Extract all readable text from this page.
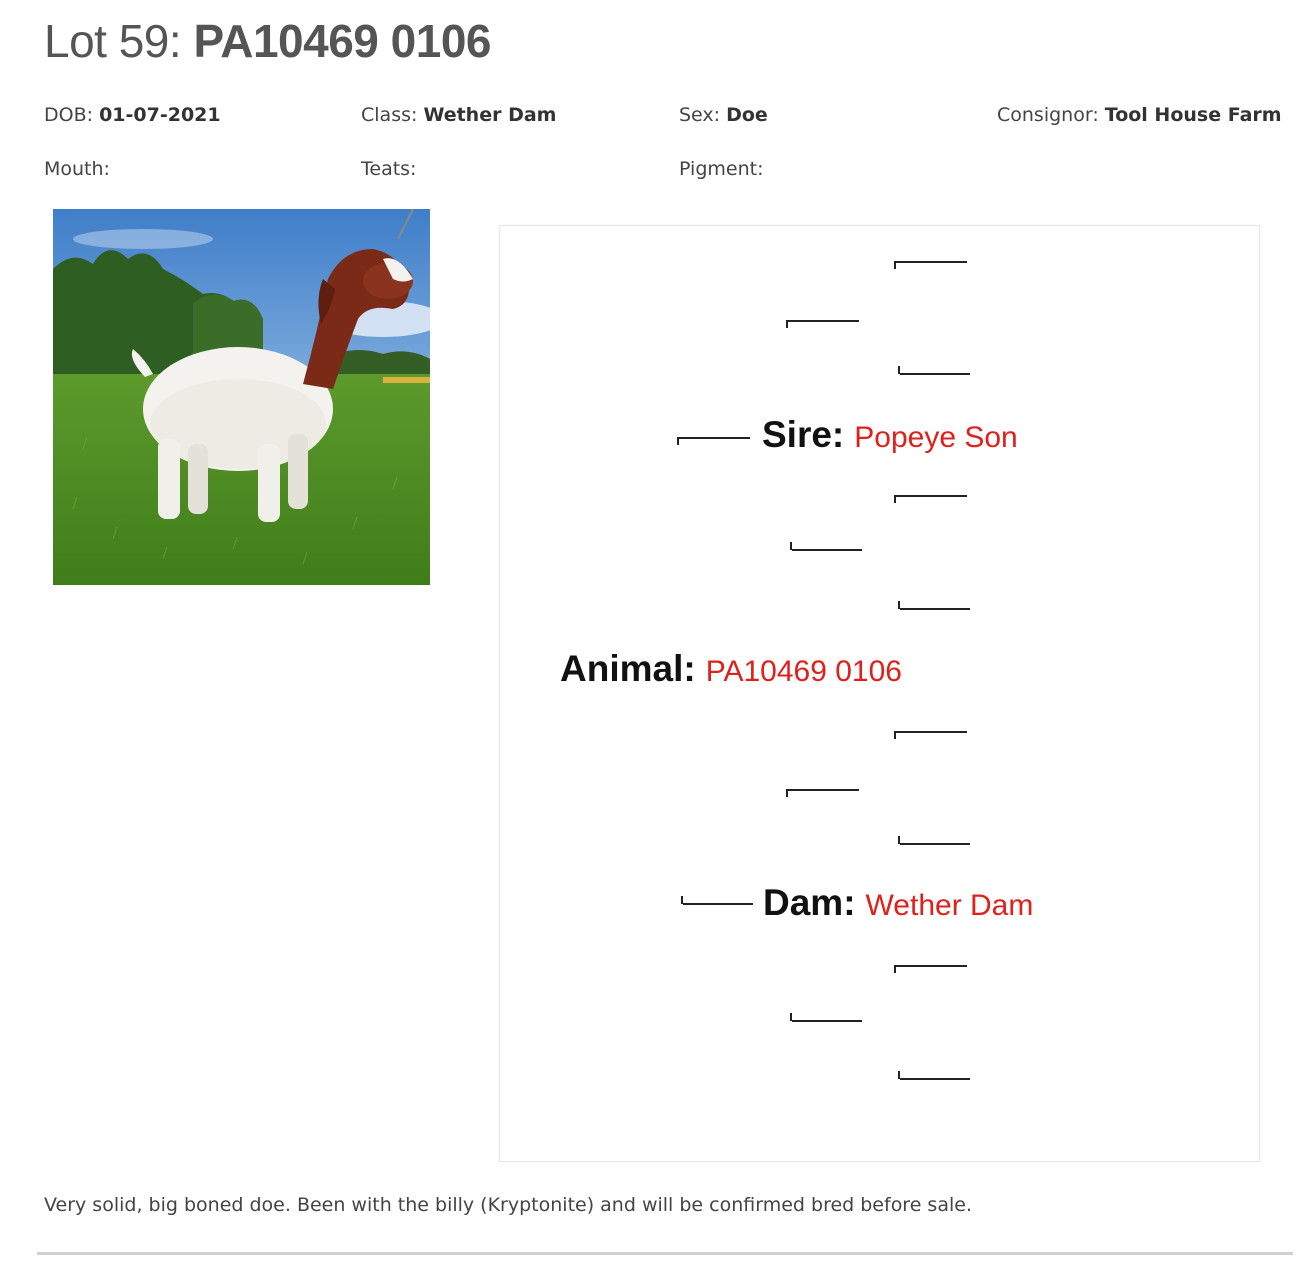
Lot 59: PA10469 0106
DOB: 01-07-2021	Class: Wether Dam	Sex: Doe	Consignor: Tool House Farm
Mouth:	Teats:	Pigment:
Sire: Popeye Son
Animal: PA10469 0106
Dam: Wether Dam

Very solid, big boned doe. Been with the billy (Kryptonite) and will be confirmed bred before sale.
